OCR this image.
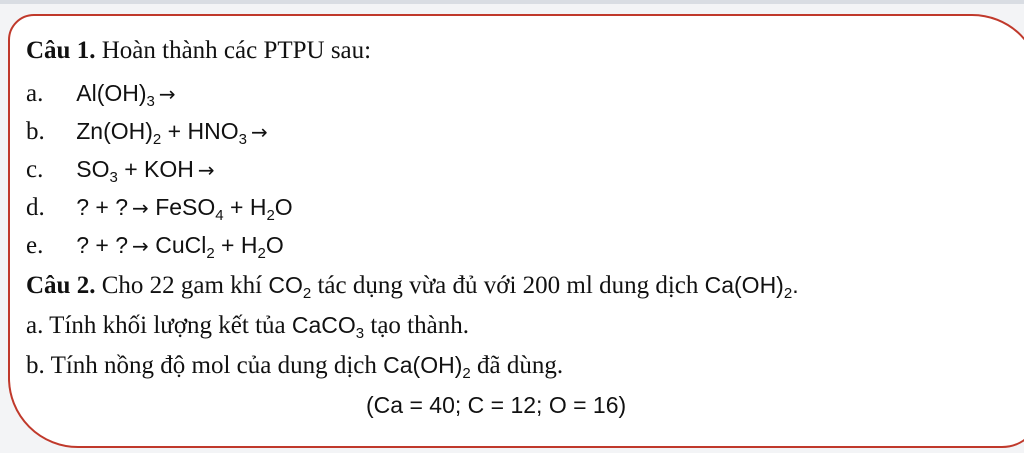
Câu 1. Hoàn thành các PTPU sau:
a. $Al(OH)_3$ →
b. $Zn(OH)_2 + HNO_3$ →
c. $SO_3$ + KOH →
d. ? + ? → FeSO$_4$ + $H_2O$
e. ? + ? → CuCl$_2$ + $H_2O$
Câu 2. Cho 22 gam khí $CO_2$ tác dụng vừa đủ với 200 ml dung dịch $Ca(OH)_2$.
a. Tính khối lượng kết tủa CaCO$_3$ tạo thành.
b. Tính nồng độ mol của dung dịch $Ca(OH)_2$ đã dùng.
(Ca = 40; C = 12; O = 16)
